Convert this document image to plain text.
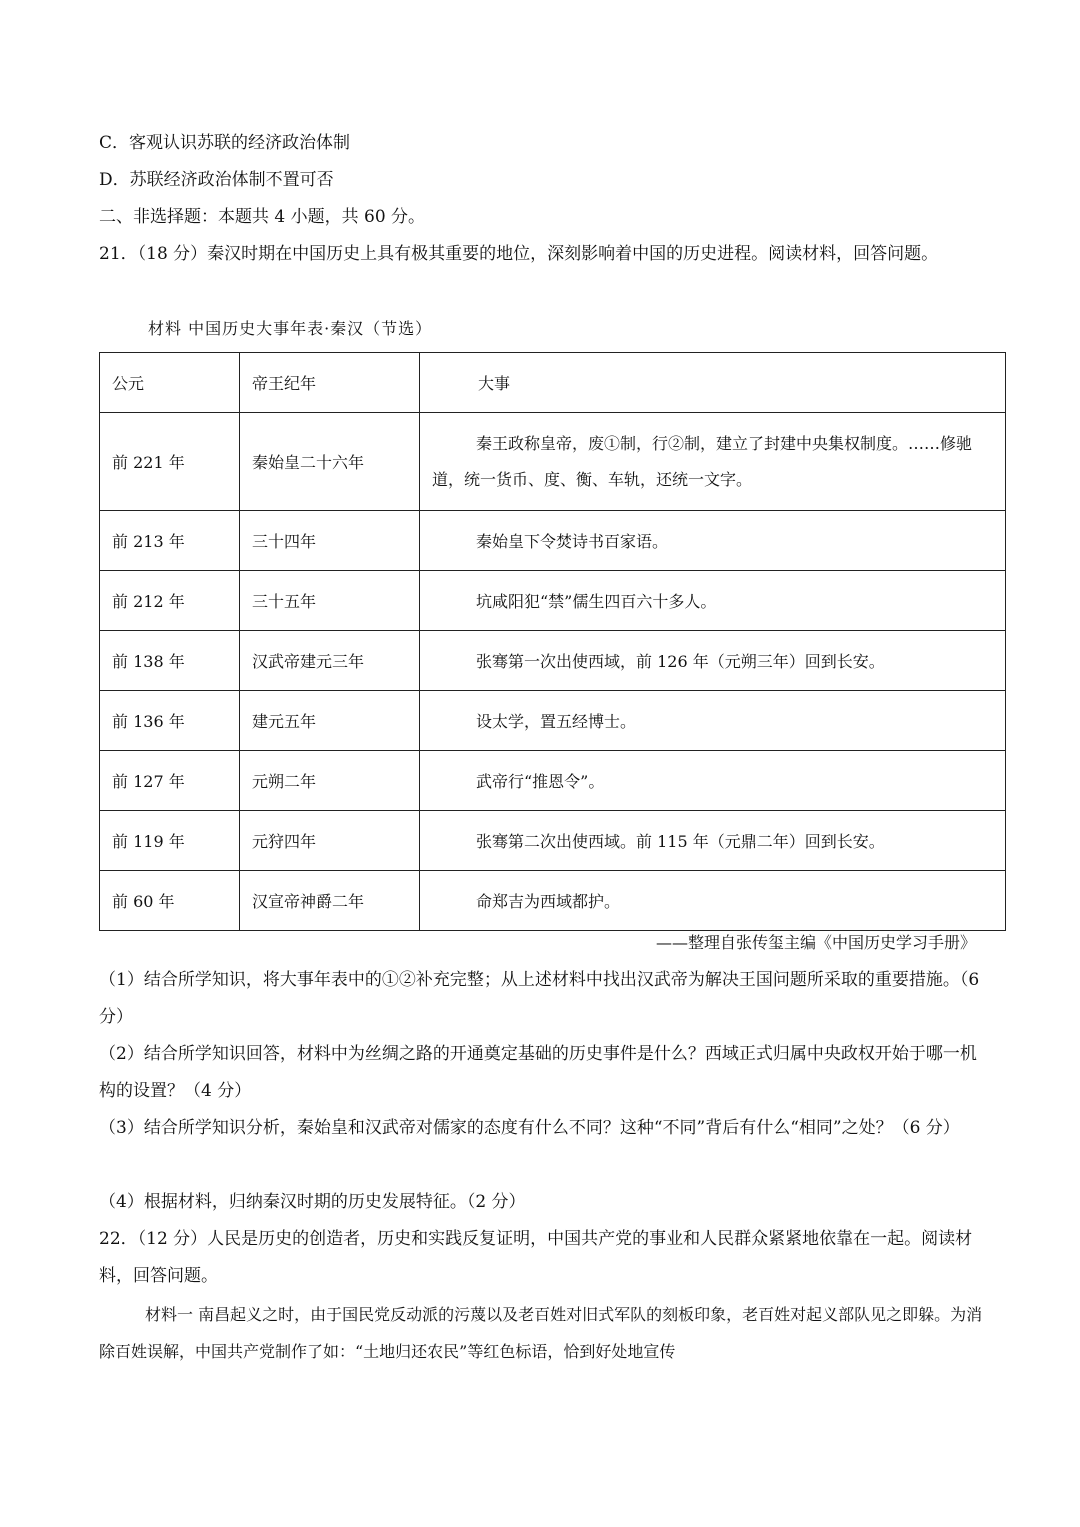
C．客观认识苏联的经济政治体制
D．苏联经济政治体制不置可否
二、非选择题：本题共 4 小题，共 60 分。
21．（18 分）秦汉时期在中国历史上具有极其重要的地位，深刻影响着中国的历史进程。阅读材料，回答问题。
材料 中国历史大事年表·秦汉（节选）
公元	帝王纪年	大事
前 221 年	秦始皇二十六年	秦王政称皇帝，废①制，行②制，建立了封建中央集权制度。……修驰道，统一货币、度、衡、车轨，还统一文字。
前 213 年	三十四年	秦始皇下令焚诗书百家语。
前 212 年	三十五年	坑咸阳犯“禁”儒生四百六十多人。
前 138 年	汉武帝建元三年	张骞第一次出使西域，前 126 年（元朔三年）回到长安。
前 136 年	建元五年	设太学，置五经博士。
前 127 年	元朔二年	武帝行“推恩令”。
前 119 年	元狩四年	张骞第二次出使西域。前 115 年（元鼎二年）回到长安。
前 60 年	汉宣帝神爵二年	命郑吉为西域都护。
——整理自张传玺主编《中国历史学习手册》
（1）结合所学知识，将大事年表中的①②补充完整；从上述材料中找出汉武帝为解决王国问题所采取的重要措施。（6 分）
（2）结合所学知识回答，材料中为丝绸之路的开通奠定基础的历史事件是什么？西域正式归属中央政权开始于哪一机构的设置？（4 分）
（3）结合所学知识分析，秦始皇和汉武帝对儒家的态度有什么不同？这种“不同”背后有什么“相同”之处？（6 分）
（4）根据材料，归纳秦汉时期的历史发展特征。（2 分）
22．（12 分）人民是历史的创造者，历史和实践反复证明，中国共产党的事业和人民群众紧紧地依靠在一起。阅读材料，回答问题。
材料一 南昌起义之时，由于国民党反动派的污蔑以及老百姓对旧式军队的刻板印象，老百姓对起义部队见之即躲。为消除百姓误解，中国共产党制作了如：“土地归还农民”等红色标语，恰到好处地宣传
